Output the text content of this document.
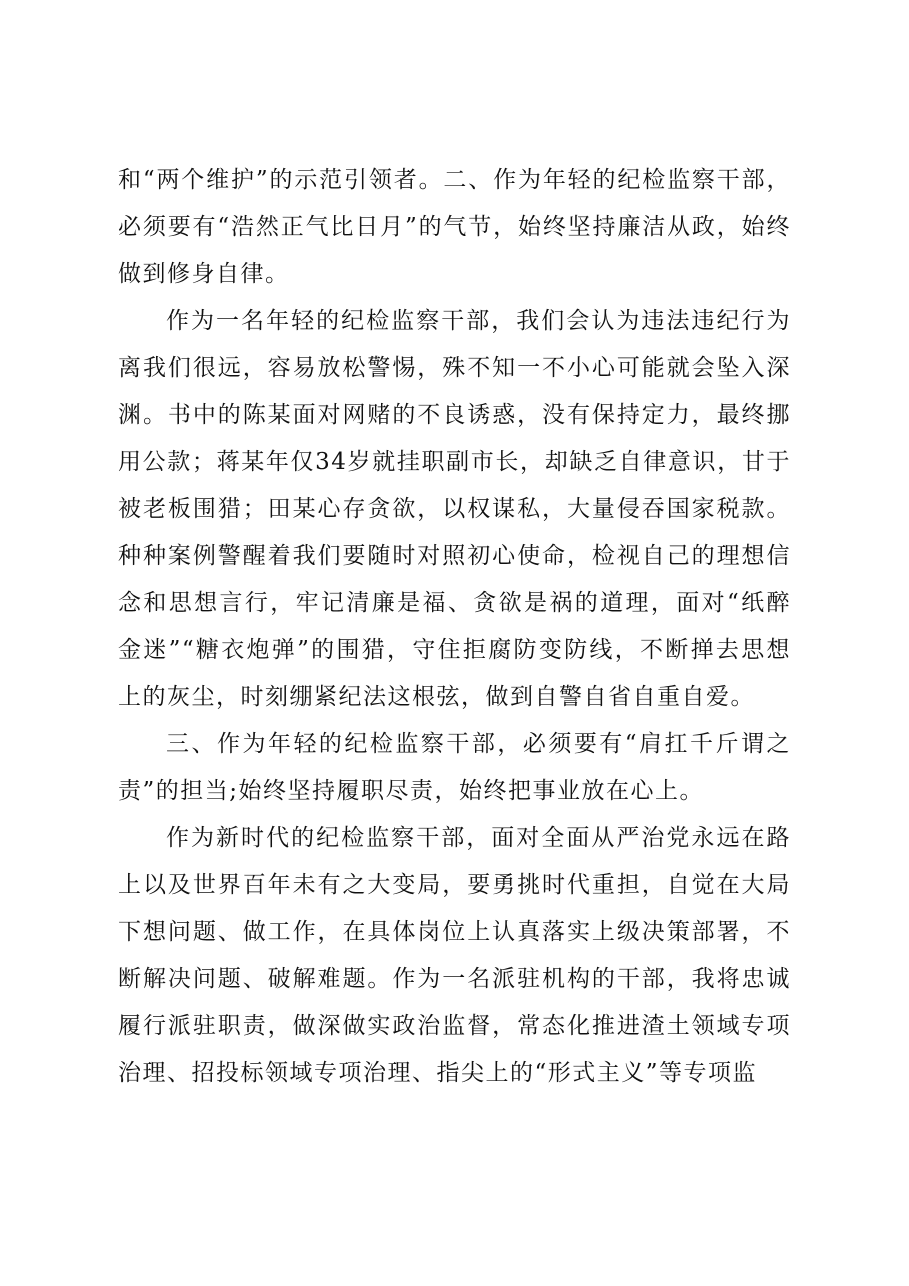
和“两个维护”的示范引领者。二、作为年轻的纪检监察干部，必须要有“浩然正气比日月”的气节，始终坚持廉洁从政，始终做到修身自律。

作为一名年轻的纪检监察干部，我们会认为违法违纪行为离我们很远，容易放松警惕，殊不知一不小心可能就会坠入深渊。书中的陈某面对网赌的不良诱惑，没有保持定力，最终挪用公款；蒋某年仅34岁就挂职副市长，却缺乏自律意识，甘于被老板围猎；田某心存贪欲，以权谋私，大量侵吞国家税款。种种案例警醒着我们要随时对照初心使命，检视自己的理想信念和思想言行，牢记清廉是福、贪欲是祸的道理，面对“纸醉金迷”“糖衣炮弹”的围猎，守住拒腐防变防线，不断掸去思想上的灰尘，时刻绷紧纪法这根弦，做到自警自省自重自爱。

三、作为年轻的纪检监察干部，必须要有“肩扛千斤谓之责”的担当;始终坚持履职尽责，始终把事业放在心上。

作为新时代的纪检监察干部，面对全面从严治党永远在路上以及世界百年未有之大变局，要勇挑时代重担，自觉在大局下想问题、做工作，在具体岗位上认真落实上级决策部署，不断解决问题、破解难题。作为一名派驻机构的干部，我将忠诚履行派驻职责，做深做实政治监督，常态化推进渣土领域专项治理、招投标领域专项治理、指尖上的“形式主义”等专项监
